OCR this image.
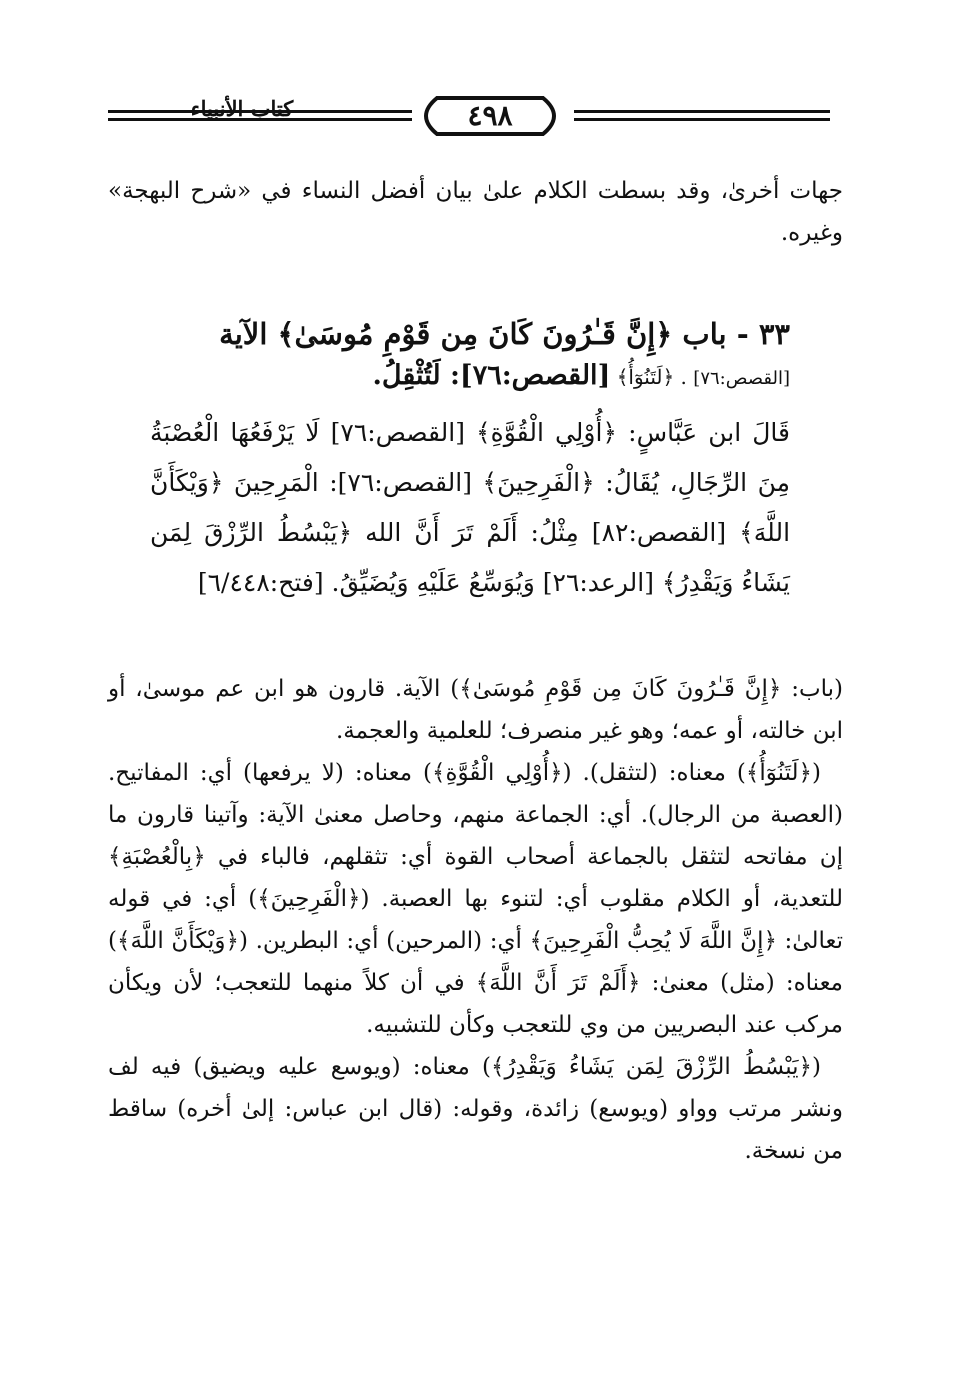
٤٩٨
كتاب الأنبياء
جهات أخرىٰ، وقد بسطت الكلام علىٰ بيان أفضل النساء في «شرح البهجة» وغيره.
٣٣ - باب ﴿إِنَّ قَـٰرُونَ كَانَ مِن قَوْمِ مُوسَىٰ﴾ الآية
[القصص:٧٦] . ﴿لَتَنُوٓأُ﴾ [القصص:٧٦]: لَتُثْقِلُ.
قَالَ ابن عَبَّاسٍ: ﴿أُوْلِي الْقُوَّةِ﴾ [القصص:٧٦] لَا يَرْفَعُهَا الْعُصْبَةُ مِنَ الرِّجَالِ، يُقَالُ: ﴿الْفَرِحِينَ﴾ [القصص:٧٦]: الْمَرِحِينَ ﴿وَيْكَأَنَّ اللَّهَ﴾ [القصص:٨٢] مِثْلُ: أَلَمْ تَرَ أَنَّ الله ﴿يَبْسُطُ الرِّزْقَ لِمَن يَشَاءُ وَيَقْدِرُ﴾ [الرعد:٢٦] وَيُوَسِّعُ عَلَيْهِ وَيُضَيِّقُ. [فتح:٦/٤٤٨]
(باب: ﴿إِنَّ قَـٰرُونَ كَانَ مِن قَوْمِ مُوسَىٰ﴾) الآية. قارون هو ابن عم موسىٰ، أو ابن خالته، أو عمه؛ وهو غير منصرف؛ للعلمية والعجمة.
(﴿لَتَنُوٓأُ﴾) معناه: (لتثقل). (﴿أُوْلِي الْقُوَّةِ﴾) معناه: (لا يرفعها) أي: المفاتيح. (العصبة من الرجال). أي: الجماعة منهم، وحاصل معنىٰ الآية: وآتينا قارون ما إن مفاتحه لتثقل بالجماعة أصحاب القوة أي: تثقلهم، فالباء في ﴿بِالْعُصْبَةِ﴾ للتعدية، أو الكلام مقلوب أي: لتنوء بها العصبة. (﴿الْفَرِحِينَ﴾) أي: في قوله تعالىٰ: ﴿إِنَّ اللَّهَ لَا يُحِبُّ الْفَرِحِينَ﴾ أي: (المرحين) أي: البطرين. (﴿وَيْكَأَنَّ اللَّهَ﴾) معناه: (مثل) معنىٰ: ﴿أَلَمْ تَرَ أَنَّ اللَّهَ﴾ في أن كلاً منهما للتعجب؛ لأن ويكأن مركب عند البصريين من وي للتعجب وكأن للتشبيه.
(﴿يَبْسُطُ الرِّزْقَ لِمَن يَشَاءُ وَيَقْدِرُ﴾) معناه: (ويوسع عليه ويضيق) فيه لف ونشر مرتب وواو (ويوسع) زائدة، وقوله: (قال ابن عباس: إلىٰ أخره) ساقط من نسخة.
